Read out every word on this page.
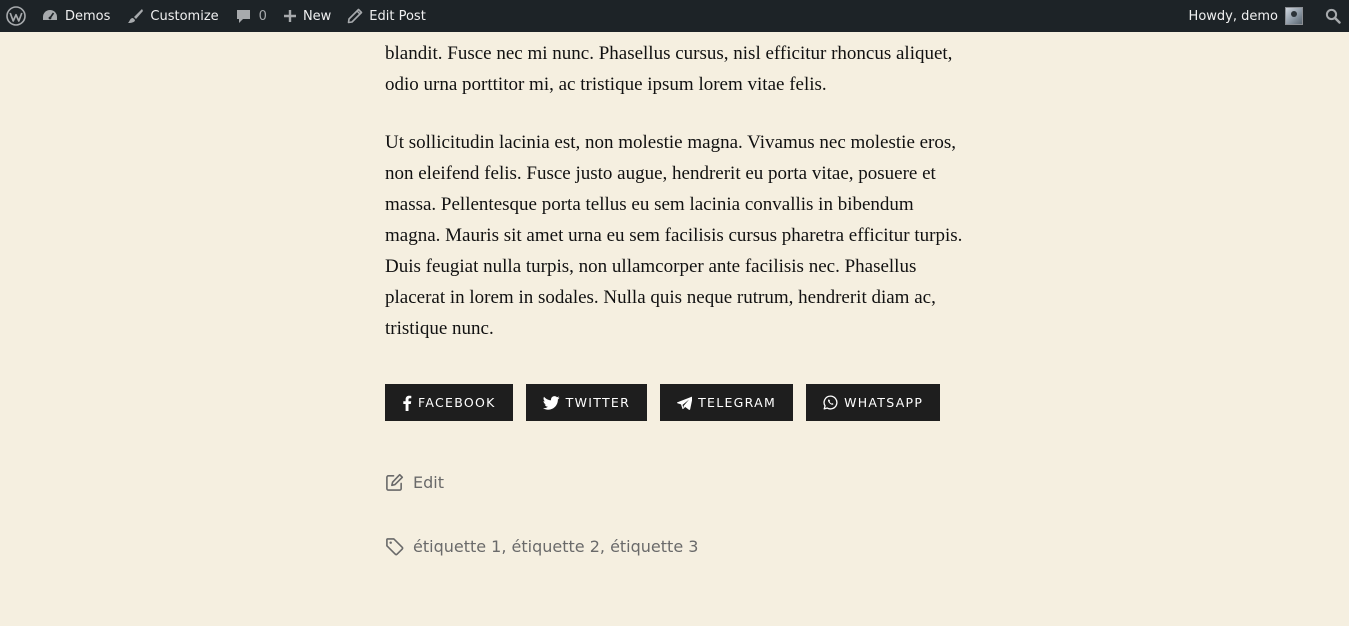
Demos	Customize	0	New	Edit Post	Howdy, demo

blandit. Fusce nec mi nunc. Phasellus cursus, nisl efficitur rhoncus aliquet, odio urna porttitor mi, ac tristique ipsum lorem vitae felis.

Ut sollicitudin lacinia est, non molestie magna. Vivamus nec molestie eros, non eleifend felis. Fusce justo augue, hendrerit eu porta vitae, posuere et massa. Pellentesque porta tellus eu sem lacinia convallis in bibendum magna. Mauris sit amet urna eu sem facilisis cursus pharetra efficitur turpis. Duis feugiat nulla turpis, non ullamcorper ante facilisis nec. Phasellus placerat in lorem in sodales. Nulla quis neque rutrum, hendrerit diam ac, tristique nunc.

FACEBOOK	TWITTER	TELEGRAM	WHATSAPP
Edit
étiquette 1 , étiquette 2 , étiquette 3
